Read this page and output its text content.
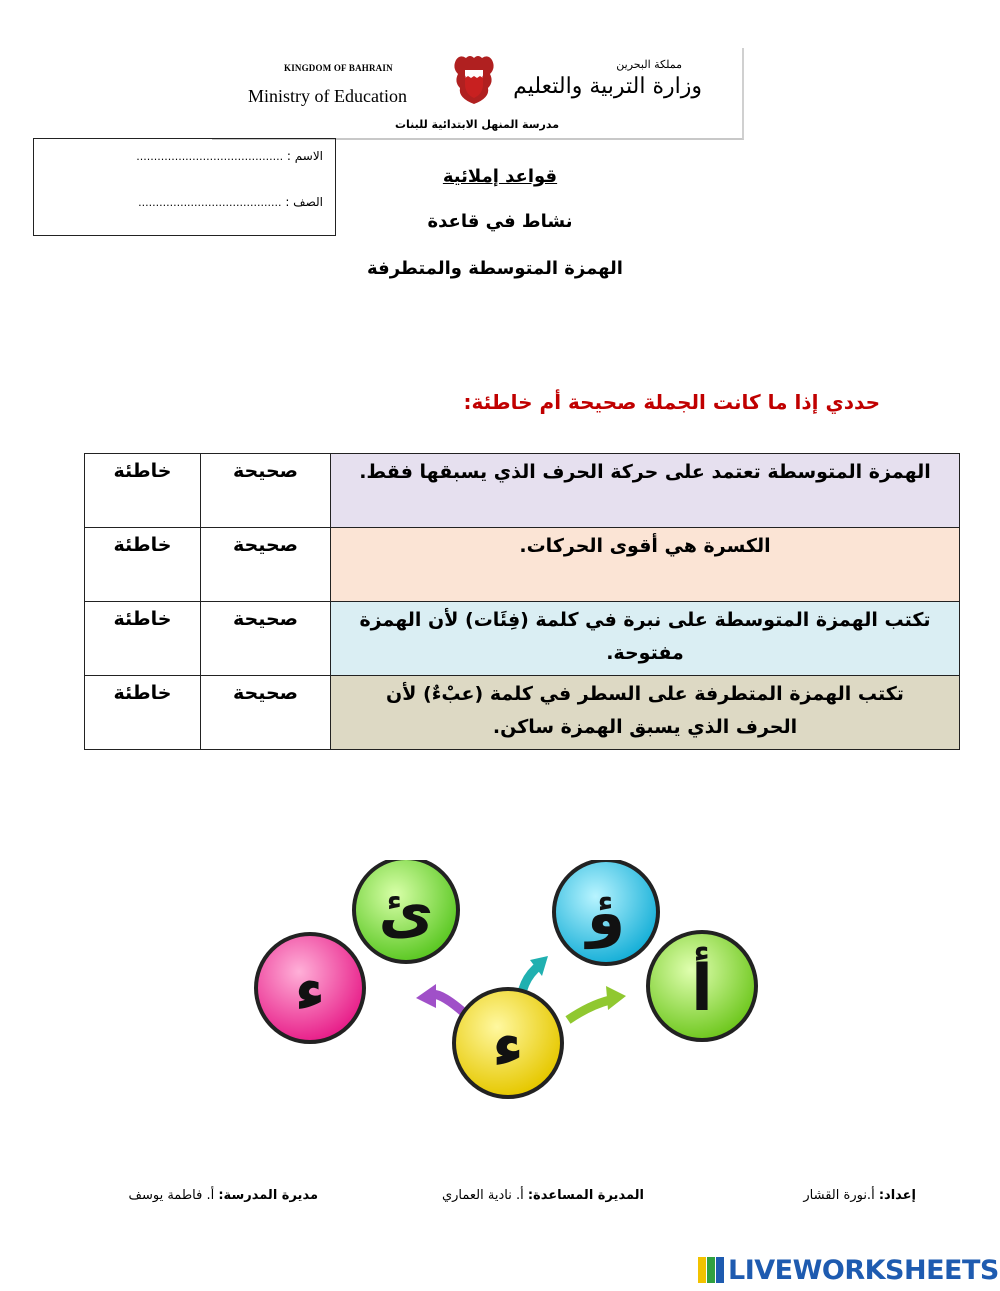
KINGDOM OF BAHRAIN
Ministry of Education
مملكة البحرين
وزارة التربية والتعليم
مدرسة المنهل الابتدائية للبنات
الاسم : ..........................................
الصف : .........................................
قواعد إملائية
نشاط في قاعدة
الهمزة المتوسطة والمتطرفة
حددي إذا ما كانت الجملة صحيحة أم خاطئة:
الهمزة المتوسطة تعتمد على حركة الحرف الذي يسبقها فقط.	صحيحة	خاطئة
الكسرة هي أقوى الحركات.	صحيحة	خاطئة
تكتب الهمزة المتوسطة على نبرة في كلمة (فِئَات) لأن الهمزة مفتوحة.	صحيحة	خاطئة
تكتب الهمزة المتطرفة على السطر في كلمة (عبْءٌ) لأن الحرف الذي يسبق الهمزة ساكن.	صحيحة	خاطئة
ء
ئ ؤ
أ
ء
إعداد: أ.نورة القشار
المديرة المساعدة: أ. نادية العماري
مديرة المدرسة: أ. فاطمة يوسف
LIVEWORKSHEETS
